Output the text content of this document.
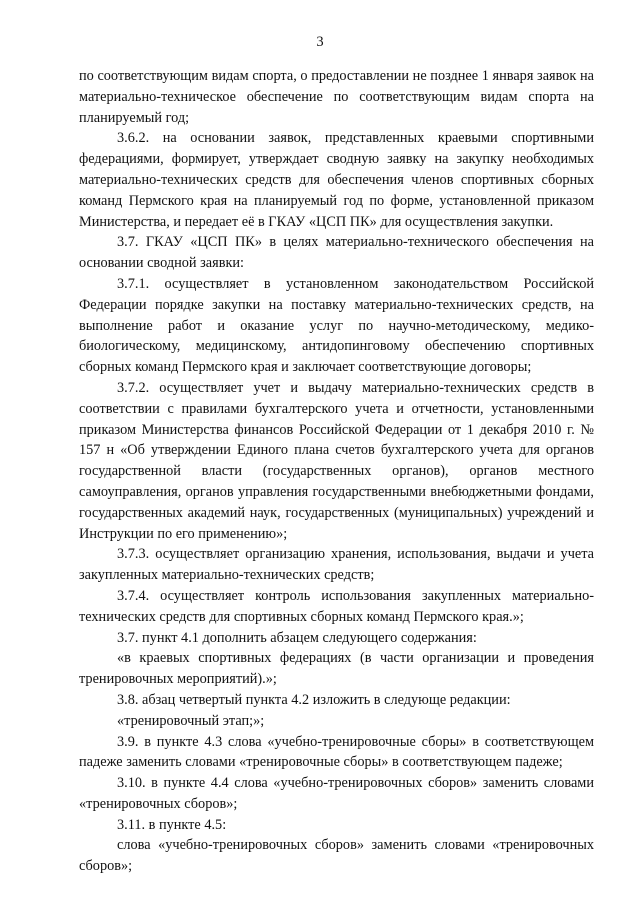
3

по соответствующим видам спорта, о предоставлении не позднее 1 января заявок на материально-техническое обеспечение по соответствующим видам спорта на планируемый год;

3.6.2. на основании заявок, представленных краевыми спортивными федерациями, формирует, утверждает сводную заявку на закупку необходимых материально-технических средств для обеспечения членов спортивных сборных команд Пермского края на планируемый год по форме, установленной приказом Министерства, и передает её в ГКАУ «ЦСП ПК» для осуществления закупки.

3.7. ГКАУ «ЦСП ПК» в целях материально-технического обеспечения на основании сводной заявки:

3.7.1. осуществляет в установленном законодательством Российской Федерации порядке закупки на поставку материально-технических средств, на выполнение работ и оказание услуг по научно-методическому, медико-биологическому, медицинскому, антидопинговому обеспечению спортивных сборных команд Пермского края и заключает соответствующие договоры;

3.7.2. осуществляет учет и выдачу материально-технических средств в соответствии с правилами бухгалтерского учета и отчетности, установленными приказом Министерства финансов Российской Федерации от 1 декабря 2010 г. № 157 н «Об утверждении Единого плана счетов бухгалтерского учета для органов государственной власти (государственных органов), органов местного самоуправления, органов управления государственными внебюджетными фондами, государственных академий наук, государственных (муниципальных) учреждений и Инструкции по его применению»;

3.7.3. осуществляет организацию хранения, использования, выдачи и учета закупленных материально-технических средств;

3.7.4. осуществляет контроль использования закупленных материально-технических средств для спортивных сборных команд Пермского края.»;

3.7. пункт 4.1 дополнить абзацем следующего содержания:

«в краевых спортивных федерациях (в части организации и проведения тренировочных мероприятий).»;

3.8. абзац четвертый пункта 4.2 изложить в следующе редакции:

«тренировочный этап;»;

3.9. в пункте 4.3 слова «учебно-тренировочные сборы» в соответствующем падеже заменить словами «тренировочные сборы» в соответствующем падеже;

3.10. в пункте 4.4 слова «учебно-тренировочных сборов» заменить словами «тренировочных сборов»;

3.11. в пункте 4.5:

слова «учебно-тренировочных сборов» заменить словами «тренировочных сборов»;
